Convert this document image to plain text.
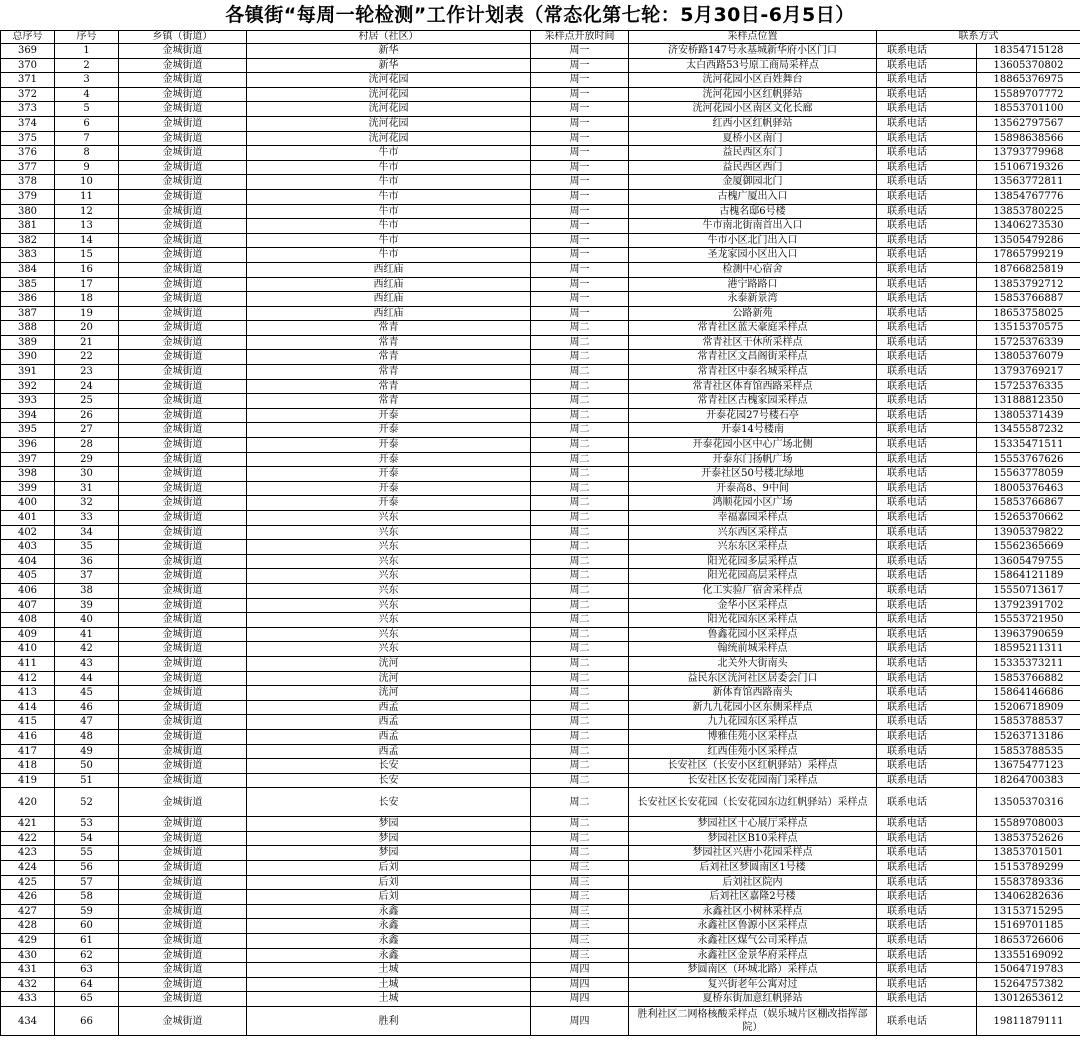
各镇街“每周一轮检测”工作计划表（常态化第七轮：5月30日-6月5日）
总序号	序号	乡镇（街道）	村居（社区）	采样点开放时间	采样点位置	联系方式	
369	1	金城街道	新华	周一	济安桥路147号永基城新华府小区门口	联系电话	18354715128
370	2	金城街道	新华	周一	太白西路53号原工商局采样点	联系电话	13605370802
371	3	金城街道	洸河花园	周一	洸河花园小区百姓舞台	联系电话	18865376975
372	4	金城街道	洸河花园	周一	洸河花园小区红帆驿站	联系电话	15589707772
373	5	金城街道	洸河花园	周一	洸河花园小区南区文化长廊	联系电话	18553701100
374	6	金城街道	洸河花园	周一	红西小区红帆驿站	联系电话	13562797567
375	7	金城街道	洸河花园	周一	夏桥小区南门	联系电话	15898638566
376	8	金城街道	牛市	周一	益民西区东门	联系电话	13793779968
377	9	金城街道	牛市	周一	益民西区西门	联系电话	15106719326
378	10	金城街道	牛市	周一	金厦御园北门	联系电话	13563772811
379	11	金城街道	牛市	周一	古槐广厦出入口	联系电话	13854767776
380	12	金城街道	牛市	周一	古槐名邸6号楼	联系电话	13853780225
381	13	金城街道	牛市	周一	牛市南北街南首出入口	联系电话	13406273530
382	14	金城街道	牛市	周一	牛市小区北门出入口	联系电话	13505479286
383	15	金城街道	牛市	周一	圣龙家园小区出入口	联系电话	17865799219
384	16	金城街道	西红庙	周一	检测中心宿舍	联系电话	18766825819
385	17	金城街道	西红庙	周一	港宁路路口	联系电话	13853792712
386	18	金城街道	西红庙	周一	永泰新景湾	联系电话	15853766887
387	19	金城街道	西红庙	周一	公路新苑	联系电话	18653758025
388	20	金城街道	常青	周二	常青社区蓝天豪庭采样点	联系电话	13515370575
389	21	金城街道	常青	周二	常青社区干休所采样点	联系电话	15725376339
390	22	金城街道	常青	周二	常青社区文昌阁街采样点	联系电话	13805376079
391	23	金城街道	常青	周二	常青社区中泰名城采样点	联系电话	13793769217
392	24	金城街道	常青	周二	常青社区体育馆西路采样点	联系电话	15725376335
393	25	金城街道	常青	周二	常青社区古槐家园采样点	联系电话	13188812350
394	26	金城街道	开泰	周二	开泰花园27号楼石亭	联系电话	13805371439
395	27	金城街道	开泰	周二	开泰14号楼南	联系电话	13455587232
396	28	金城街道	开泰	周二	开泰花园小区中心广场北侧	联系电话	15335471511
397	29	金城街道	开泰	周二	开泰东门扬帆广场	联系电话	15553767626
398	30	金城街道	开泰	周二	开泰社区50号楼北绿地	联系电话	15563778059
399	31	金城街道	开泰	周二	开泰高8、9中间	联系电话	18005376463
400	32	金城街道	开泰	周二	鸿顺花园小区广场	联系电话	15853766867
401	33	金城街道	兴东	周二	幸福嘉园采样点	联系电话	15265370662
402	34	金城街道	兴东	周二	兴东西区采样点	联系电话	13905379822
403	35	金城街道	兴东	周二	兴东东区采样点	联系电话	15562365669
404	36	金城街道	兴东	周二	阳光花园多层采样点	联系电话	13605479755
405	37	金城街道	兴东	周二	阳光花园高层采样点	联系电话	15864121189
406	38	金城街道	兴东	周二	化工实验厂宿舍采样点	联系电话	15550713617
407	39	金城街道	兴东	周二	金华小区采样点	联系电话	13792391702
408	40	金城街道	兴东	周二	阳光花园东区采样点	联系电话	15553721950
409	41	金城街道	兴东	周二	鲁鑫花园小区采样点	联系电话	13963790659
410	42	金城街道	兴东	周二	翰统前城采样点	联系电话	18595211311
411	43	金城街道	洸河	周二	北关外大街南头	联系电话	15335373211
412	44	金城街道	洸河	周二	益民东区洸河社区居委会门口	联系电话	15853766882
413	45	金城街道	洸河	周二	新体育馆西路南头	联系电话	15864146686
414	46	金城街道	西孟	周二	新九九花园小区东侧采样点	联系电话	15206718909
415	47	金城街道	西孟	周二	九九花园东区采样点	联系电话	15853788537
416	48	金城街道	西孟	周二	博雅佳苑小区采样点	联系电话	15263713186
417	49	金城街道	西孟	周二	红西佳苑小区采样点	联系电话	15853788535
418	50	金城街道	长安	周二	长安社区（长安小区红帆驿站）采样点	联系电话	13675477123
419	51	金城街道	长安	周二	长安社区长安花园南门采样点	联系电话	18264700383
420	52	金城街道	长安	周二	长安社区长安花园（长安花园东边红帆驿站）采样点	联系电话	13505370316
421	53	金城街道	梦园	周二	梦园社区十心展厅采样点	联系电话	15589708003
422	54	金城街道	梦园	周二	梦园社区B10采样点	联系电话	13853752626
423	55	金城街道	梦园	周二	梦园社区兴唐小花园采样点	联系电话	13853701501
424	56	金城街道	后刘	周三	后刘社区梦圆南区1号楼	联系电话	15153789299
425	57	金城街道	后刘	周三	后刘社区院内	联系电话	15583789336
426	58	金城街道	后刘	周三	后刘社区嘉隆2号楼	联系电话	13406282636
427	59	金城街道	永鑫	周三	永鑫社区小树林采样点	联系电话	13153715295
428	60	金城街道	永鑫	周三	永鑫社区鲁源小区采样点	联系电话	15169701185
429	61	金城街道	永鑫	周三	永鑫社区煤气公司采样点	联系电话	18653726606
430	62	金城街道	永鑫	周三	永鑫社区金景华府采样点	联系电话	13355169092
431	63	金城街道	土城	周四	梦圆南区（环城北路）采样点	联系电话	15064719783
432	64	金城街道	土城	周四	复兴街老年公寓对过	联系电话	15264757382
433	65	金城街道	土城	周四	夏桥东街加意红帆驿站	联系电话	13012653612
434	66	金城街道	胜利	周四	胜利社区二网格核酸采样点（娱乐城片区棚改指挥部院）	联系电话	19811879111
